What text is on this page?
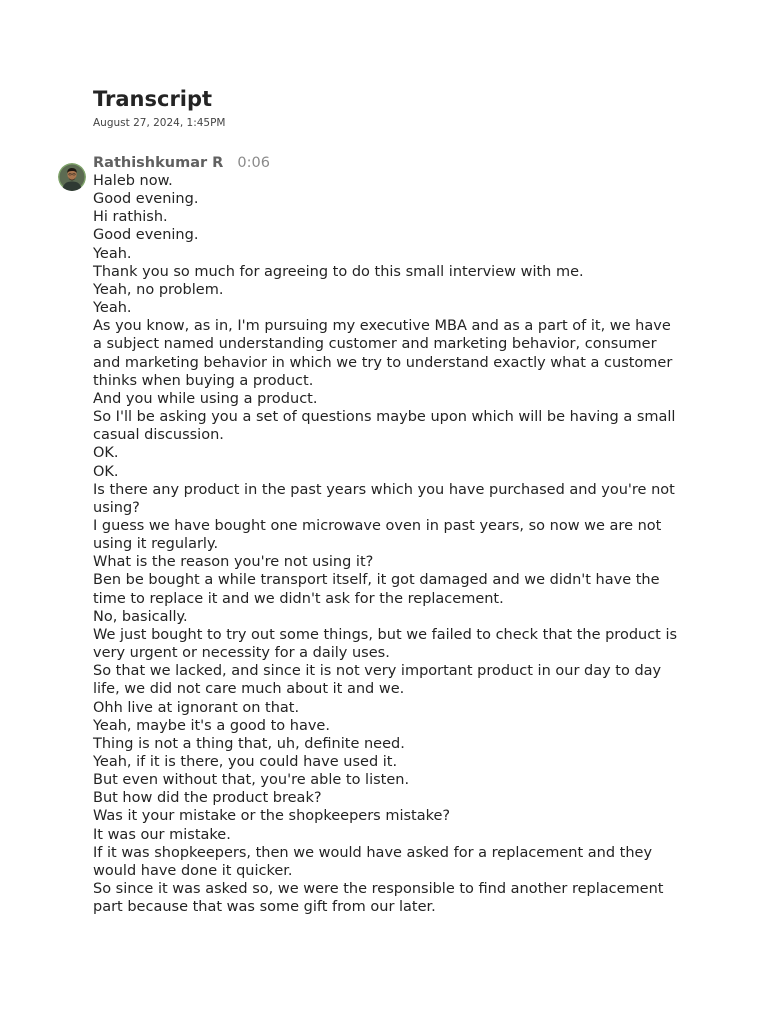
Transcript
August 27, 2024, 1:45PM
Rathishkumar R 0:06
Haleb now.
Good evening.
Hi rathish.
Good evening.
Yeah.
Thank you so much for agreeing to do this small interview with me.
Yeah, no problem.
Yeah.
As you know, as in, I'm pursuing my executive MBA and as a part of it, we have a subject named understanding customer and marketing behavior, consumer and marketing behavior in which we try to understand exactly what a customer thinks when buying a product.
And you while using a product.
So I'll be asking you a set of questions maybe upon which will be having a small casual discussion.
OK.
OK.
Is there any product in the past years which you have purchased and you're not using?
I guess we have bought one microwave oven in past years, so now we are not using it regularly.
What is the reason you're not using it?
Ben be bought a while transport itself, it got damaged and we didn't have the time to replace it and we didn't ask for the replacement.
No, basically.
We just bought to try out some things, but we failed to check that the product is very urgent or necessity for a daily uses.
So that we lacked, and since it is not very important product in our day to day life, we did not care much about it and we.
Ohh live at ignorant on that.
Yeah, maybe it's a good to have.
Thing is not a thing that, uh, definite need.
Yeah, if it is there, you could have used it.
But even without that, you're able to listen.
But how did the product break?
Was it your mistake or the shopkeepers mistake?
It was our mistake.
If it was shopkeepers, then we would have asked for a replacement and they would have done it quicker.
So since it was asked so, we were the responsible to find another replacement part because that was some gift from our later.
